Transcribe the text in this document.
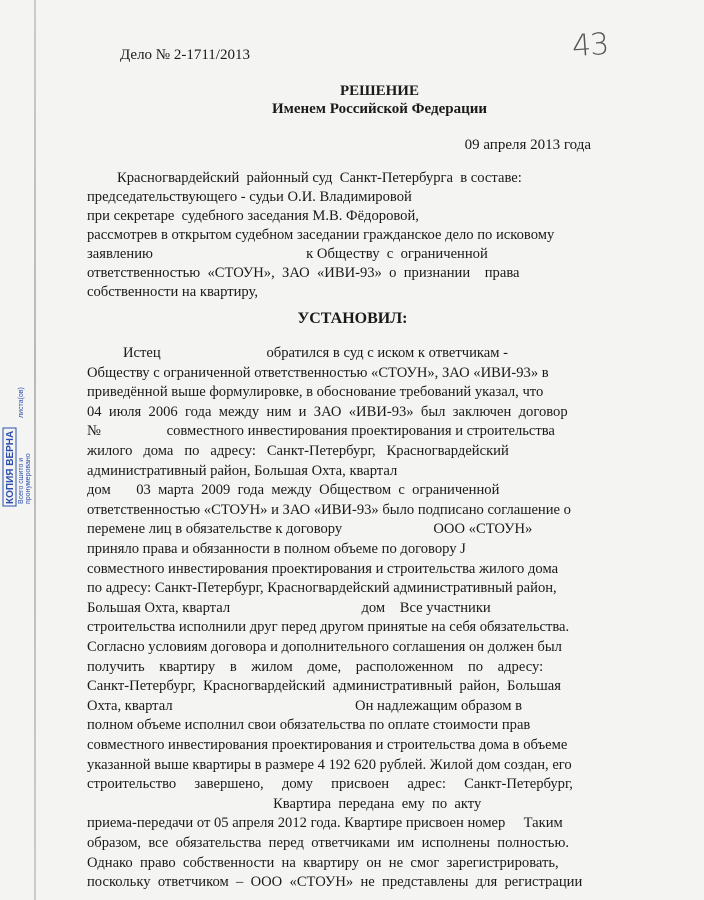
43
Дело № 2-1711/2013
РЕШЕНИЕ
Именем Российской Федерации
09 апреля 2013 года
Красногвардейский  районный суд  Санкт-Петербурга  в составе:
председательствующего - судьи О.И. Владимировой
при секретаре  судебного заседания М.В. Фёдоровой,
рассмотрев в открытом судебном заседании гражданское дело по исковому
заявлению                                          к Обществу  с  ограниченной
ответственностью  «СТОУН»,  ЗАО  «ИВИ-93»  о  признании    права
собственности на квартиру,
УСТАНОВИЛ:
Истец                             обратился в суд с иском к ответчикам -
Обществу с ограниченной ответственностью «СТОУН», ЗАО «ИВИ-93» в
приведённой выше формулировке, в обоснование требований указал, что
04  июля  2006  года  между  ним  и  ЗАО  «ИВИ-93»  был  заключен  договор
№                  совместного инвестирования проектирования и строительства
жилого   дома   по   адресу:   Санкт-Петербург,   Красногвардейский
административный район, Большая Охта, квартал
дом       03  марта  2009  года  между  Обществом  с  ограниченной
ответственностью «СТОУН» и ЗАО «ИВИ-93» было подписано соглашение о
перемене лиц в обязательстве к договору                         ООО «СТОУН»
приняло права и обязанности в полном объеме по договору J
совместного инвестирования проектирования и строительства жилого дома
по адресу: Санкт-Петербург, Красногвардейский административный район,
Большая Охта, квартал                                    дом    Все участники
строительства исполнили друг перед другом принятые на себя обязательства.
Согласно условиям договора и дополнительного соглашения он должен был
получить    квартиру    в    жилом    доме,    расположенном    по    адресу:
Санкт-Петербург,  Красногвардейский  административный  район,  Большая
Охта, квартал                                                  Он надлежащим образом в
полном объеме исполнил свои обязательства по оплате стоимости прав
совместного инвестирования проектирования и строительства дома в объеме
указанной выше квартиры в размере 4 192 620 рублей. Жилой дом создан, его
строительство     завершено,     дому     присвоен     адрес:     Санкт-Петербург,
Квартира  передана  ему  по  акту
приема-передачи от 05 апреля 2012 года. Квартире присвоен номер     Таким
образом,  все  обязательства  перед  ответчиками  им  исполнены  полностью.
Однако  право  собственности  на  квартиру  он  не  смог  зарегистрировать,
поскольку  ответчиком  –  ООО  «СТОУН»  не  представлены  для  регистрации
КОПИЯ ВЕРНА Всего сшито и пронумеровано
листа(ов)
